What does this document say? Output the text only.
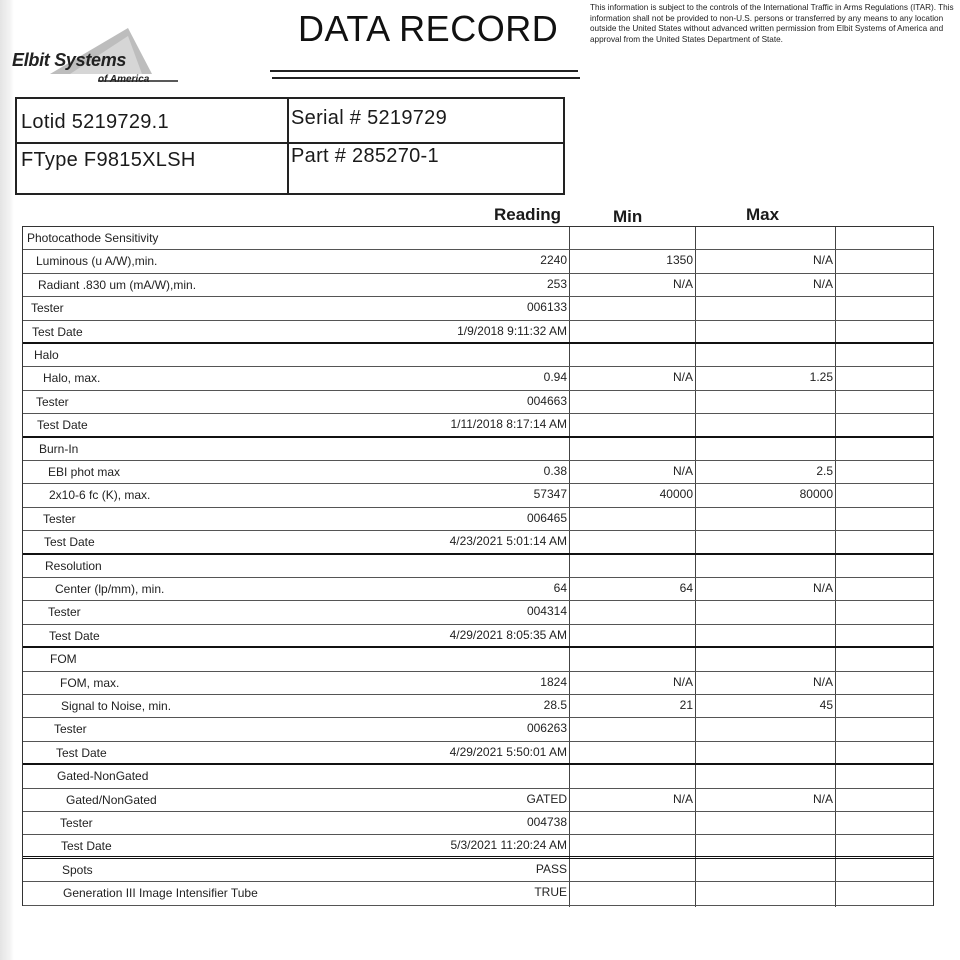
Elbit Systems
of America
DATA RECORD
This information is subject to the controls of the International Traffic in Arms Regulations (ITAR). This information shall not be provided to non-U.S. persons or transferred by any means to any location outside the United States without advanced written permission from Elbit Systems of America and approval from the United States Department of State.
Lotid 5219729.1	Serial # 5219729
FType F9815XLSH	Part # 285270-1
Reading	Min	Max
Photocathode Sensitivity
Luminous (u A/W),min.	2240	1350	N/A
Radiant .830 um (mA/W),min.	253	N/A	N/A
Tester	006133
Test Date	1/9/2018 9:11:32 AM
Halo
Halo, max.	0.94	N/A	1.25
Tester	004663
Test Date	1/11/2018 8:17:14 AM
Burn-In
EBI phot max	0.38	N/A	2.5
2x10-6 fc (K), max.	57347	40000	80000
Tester	006465
Test Date	4/23/2021 5:01:14 AM
Resolution
Center (lp/mm), min.	64	64	N/A
Tester	004314
Test Date	4/29/2021 8:05:35 AM
FOM
FOM, max.	1824	N/A	N/A
Signal to Noise, min.	28.5	21	45
Tester	006263
Test Date	4/29/2021 5:50:01 AM
Gated-NonGated
Gated/NonGated	GATED	N/A	N/A
Tester	004738
Test Date	5/3/2021 11:20:24 AM
Spots	PASS
Generation III Image Intensifier Tube	TRUE
